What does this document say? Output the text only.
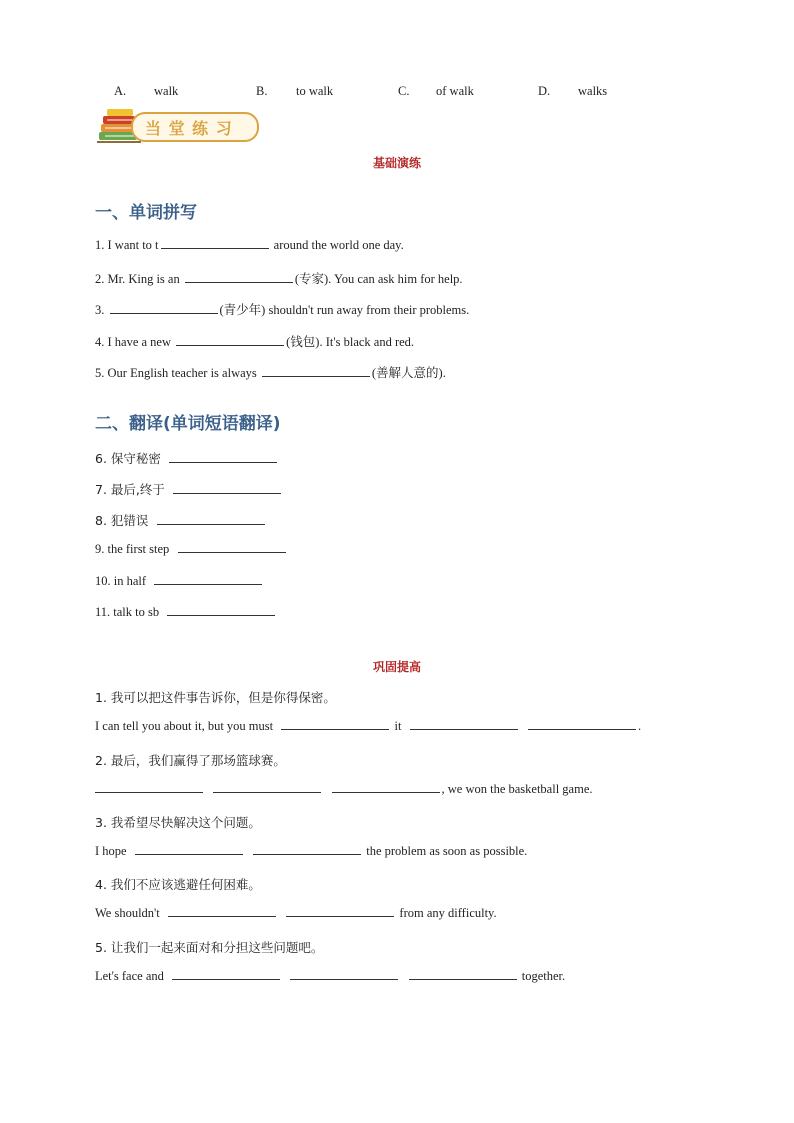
A. walk	B. to walk	C. of walk	D. walks
当 堂 练 习
基础演练
一、单词拼写
1. I want to t	around the world one day.
2. Mr. King is an	(专家). You can ask him for help.
3.	(青少年) shouldn't run away from their problems.
4. I have a new	(钱包). It's black and red.
5. Our English teacher is always	(善解人意的).
二、翻译(单词短语翻译)
6. 保守秘密
7. 最后,终于
8. 犯错误
9. the first step
10. in half
11. talk to sb
巩固提高
1. 我可以把这件事告诉你，但是你得保密。
I can tell you about it, but you must	it	.
2. 最后，我们赢得了那场篮球赛。
, we won the basketball game.
3. 我希望尽快解决这个问题。
I hope	the problem as soon as possible.
4. 我们不应该逃避任何困难。
We shouldn't	from any difficulty.
5. 让我们一起来面对和分担这些问题吧。
Let's face and	together.
